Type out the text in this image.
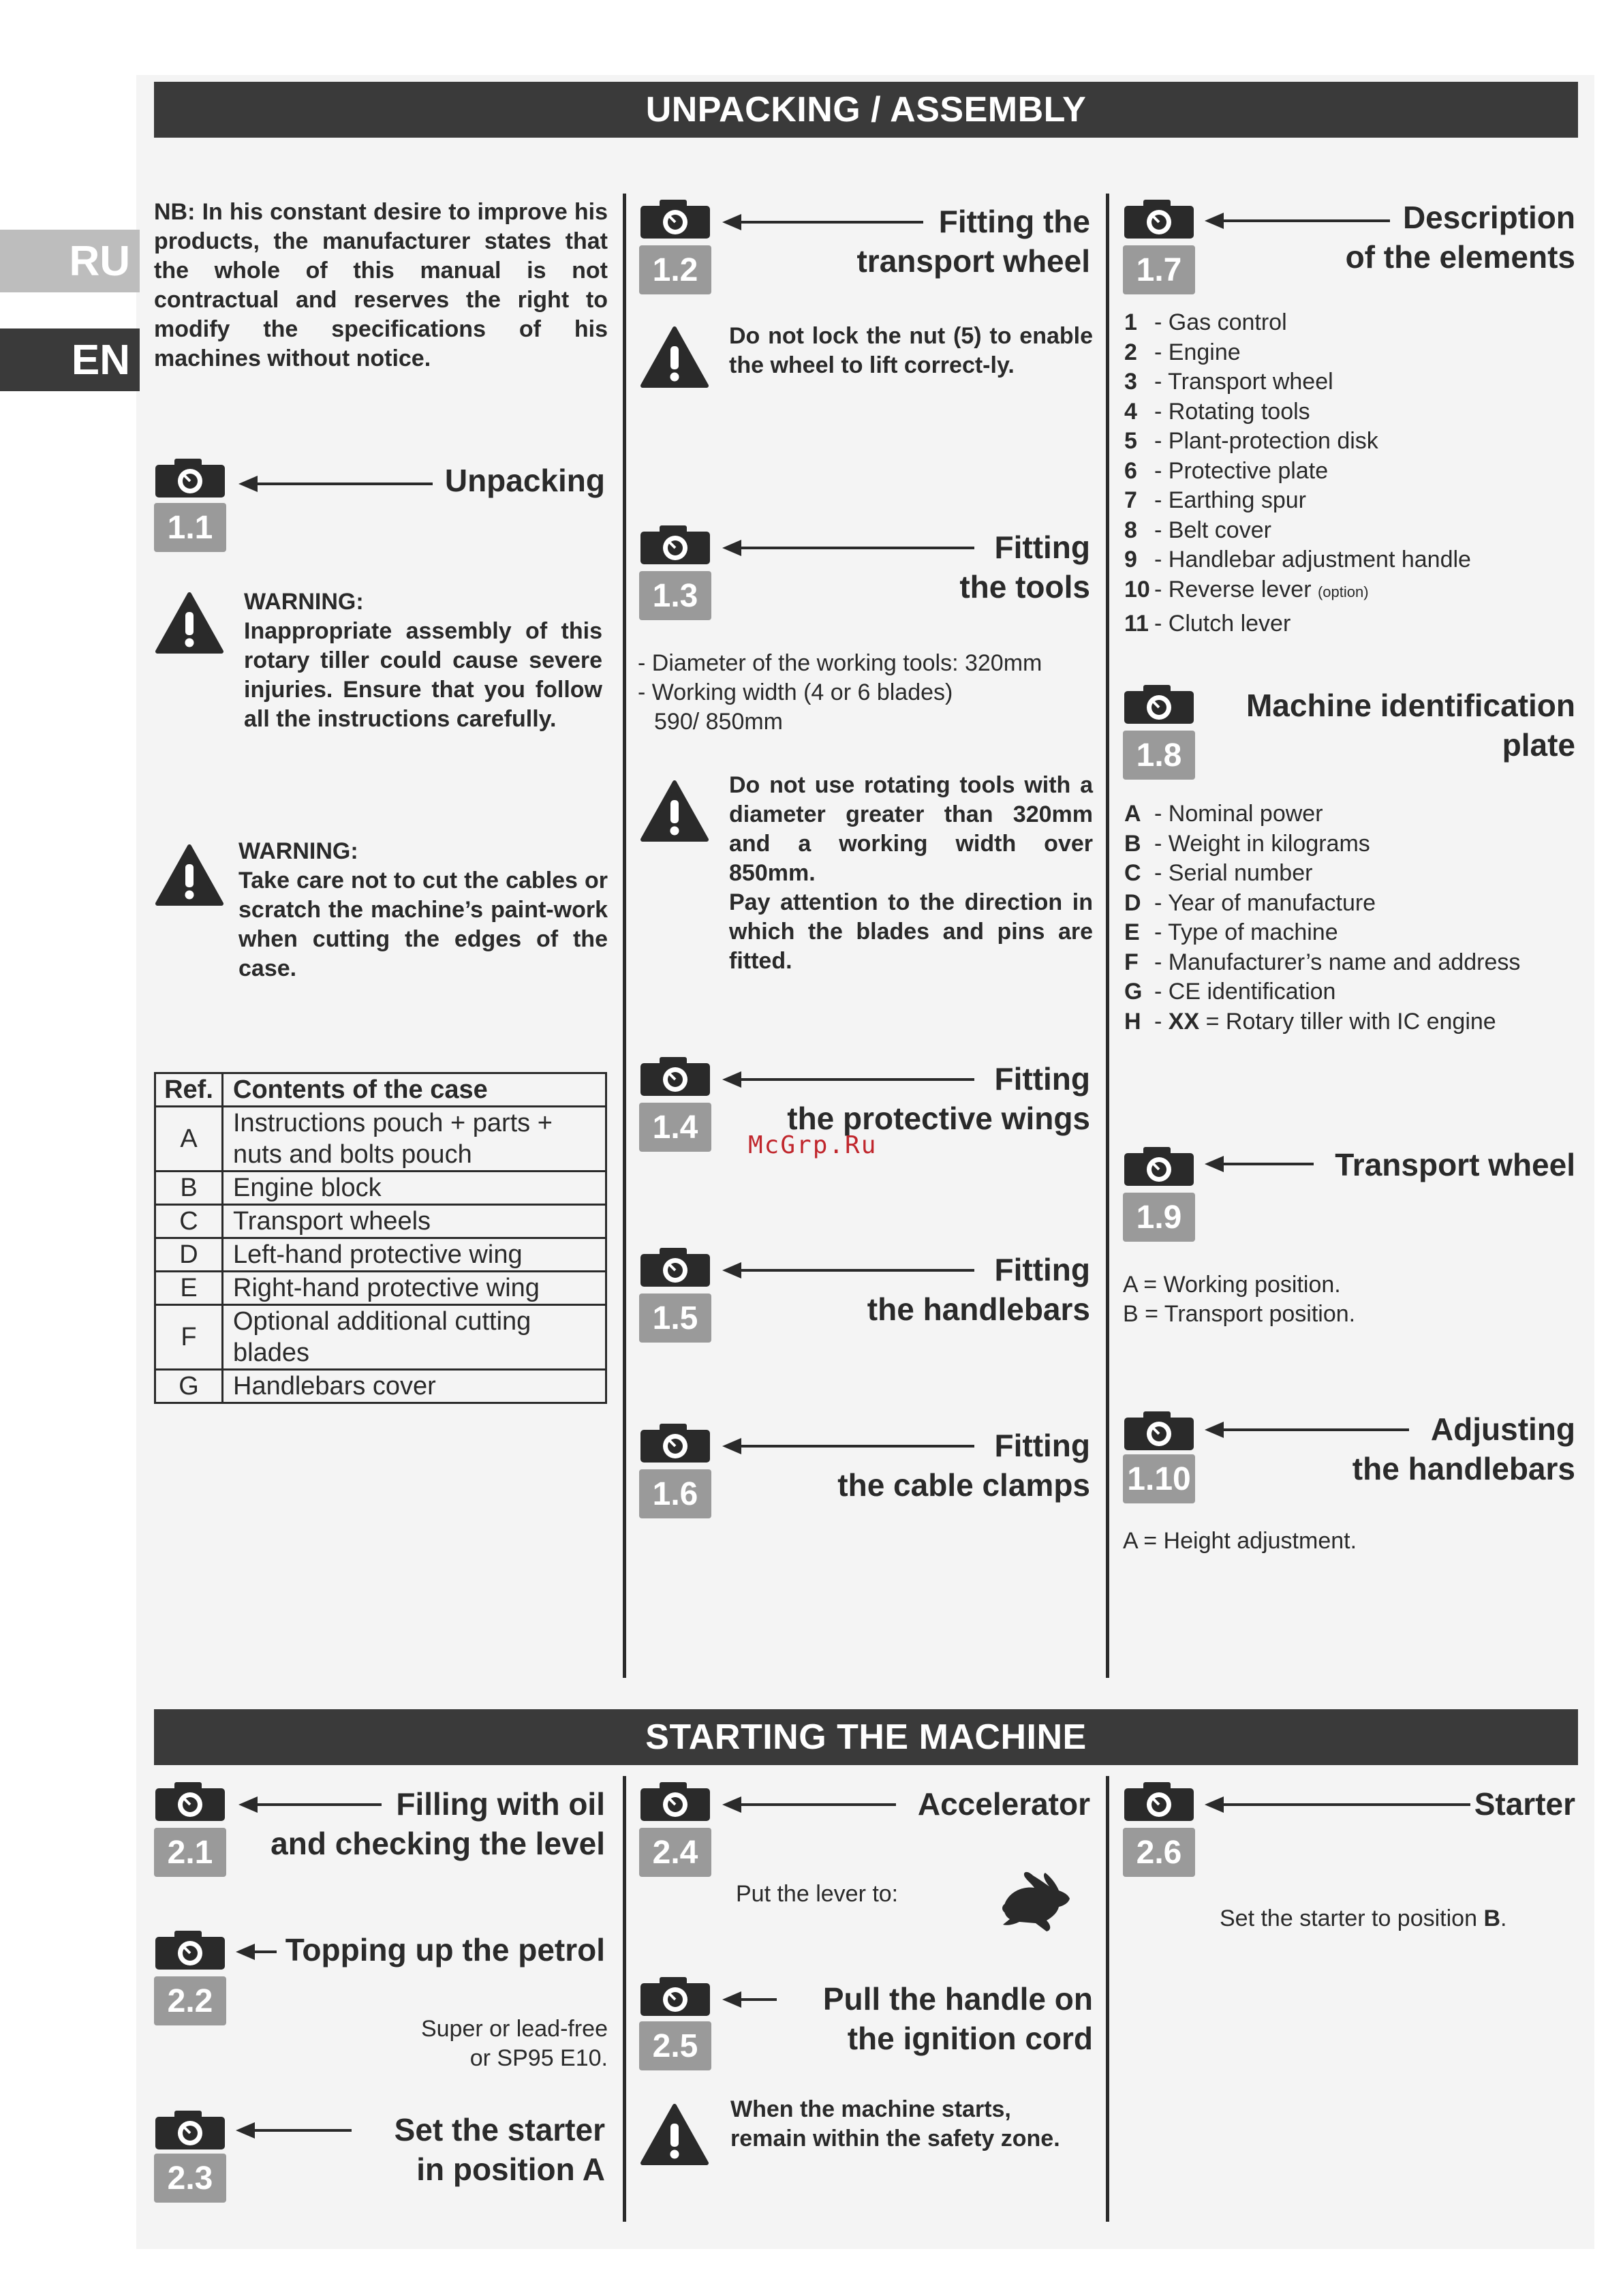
RU
EN
UNPACKING / ASSEMBLY
STARTING THE MACHINE
NB: In his constant desire to improve his products, the manufacturer states that the whole of this manual is not contractual and reserves the right to modify the specifications of his machines without notice.
1.1
Unpacking
WARNING:
Inappropriate assembly of this rotary tiller could cause severe injuries. Ensure that you follow all the instructions carefully.
WARNING:
Take care not to cut the cables or scratch the machine’s paint-work when cutting the edges of the case.
Ref.	Contents of the case
A	Instructions pouch + parts + nuts and bolts pouch
B	Engine block
C	Transport wheels
D	Left-hand protective wing
E	Right-hand protective wing
F	Optional additional cutting blades
G	Handlebars cover
1.2
Fitting the
transport wheel
Do not lock the nut (5) to enable the wheel to lift correct-ly.
1.3
Fitting
the tools
- Diameter of the working tools: 320mm
- Working width (4 or 6 blades)
590/ 850mm
Do not use rotating tools with a diameter greater than 320mm and a working width over 850mm.
Pay attention to the direction in which the blades and pins are fitted.
1.4
Fitting
the protective wings
McGrp.Ru
1.5
Fitting
the handlebars
1.6
Fitting
the cable clamps
1.7
Description
of the elements
1 - Gas control
2 - Engine
3 - Transport wheel
4 - Rotating tools
5 - Plant-protection disk
6 - Protective plate
7 - Earthing spur
8 - Belt cover
9 - Handlebar adjustment handle
10 - Reverse lever
(option)
11 - Clutch lever
1.8
Machine identification
plate
A - Nominal power
B - Weight in kilograms
C - Serial number
D - Year of manufacture
E - Type of machine
F - Manufacturer’s name and address
G - CE identification
H - XX = Rotary tiller with IC engine
1.9
Transport wheel
A = Working position.
B = Transport position.
1.10
Adjusting
the handlebars
A = Height adjustment.
2.1
Filling with oil
and checking the level
2.2
Topping up the petrol
Super or lead-free
or SP95 E10.
2.3
Set the starter
in position A
2.4
Accelerator
Put the lever to:
2.5
Pull the handle on
the ignition cord
When the machine starts,
remain within the safety zone.
2.6
Starter
Set the starter to position B.
